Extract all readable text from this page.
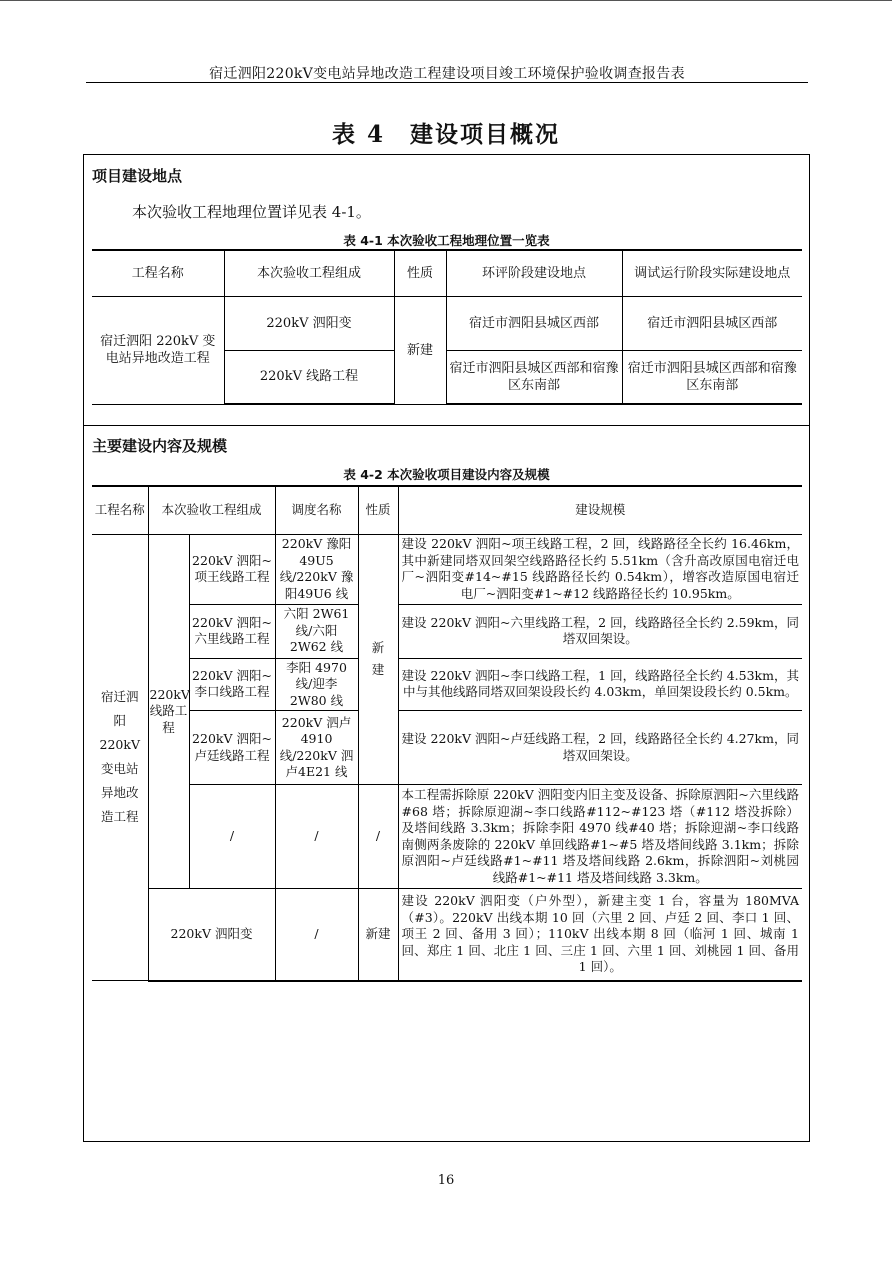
宿迁泗阳220kV变电站异地改造工程建设项目竣工环境保护验收调查报告表
表 4　建设项目概况
项目建设地点
本次验收工程地理位置详见表 4-1。
表 4-1 本次验收工程地理位置一览表
工程名称	本次验收工程组成	性质	环评阶段建设地点	调试运行阶段实际建设地点
宿迁泗阳 220kV 变电站异地改造工程	220kV 泗阳变	新建	宿迁市泗阳县城区西部	宿迁市泗阳县城区西部
	220kV 线路工程		宿迁市泗阳县城区西部和宿豫区东南部	宿迁市泗阳县城区西部和宿豫区东南部
主要建设内容及规模
表 4-2 本次验收项目建设内容及规模
工程名称	本次验收工程组成		调度名称	性质	建设规模
宿迁泗阳220kV变电站异地改造工程	220kV 线路工程	220kV 泗阳~项王线路工程	220kV 豫阳49U5 线/220kV 豫阳49U6 线	新建	建设 220kV 泗阳~项王线路工程，2 回，线路路径全长约 16.46km，其中新建同塔双回架空线路路径长约 5.51km（含升高改原国电宿迁电厂~泗阳变#14~#15 线路路径长约 0.54km），增容改造原国电宿迁电厂~泗阳变#1~#12 线路路径长约 10.95km。
		220kV 泗阳~六里线路工程	六阳 2W61 线/六阳 2W62 线		建设 220kV 泗阳~六里线路工程，2 回，线路路径全长约 2.59km，同塔双回架设。
		220kV 泗阳~李口线路工程	李阳 4970 线/迎李 2W80 线		建设 220kV 泗阳~李口线路工程，1 回，线路路径全长约 4.53km，其中与其他线路同塔双回架设段长约 4.03km，单回架设段长约 0.5km。
		220kV 泗阳~卢廷线路工程	220kV 泗卢4910 线/220kV 泗卢4E21 线		建设 220kV 泗阳~卢廷线路工程，2 回，线路路径全长约 4.27km，同塔双回架设。
		/	/	/	本工程需拆除原 220kV 泗阳变内旧主变及设备、拆除原泗阳~六里线路#68 塔；拆除原迎湖~李口线路#112~#123 塔（#112 塔没拆除）及塔间线路 3.3km；拆除李阳 4970 线#40 塔；拆除迎湖~李口线路南侧两条废除的 220kV 单回线路#1~#5 塔及塔间线路 3.1km；拆除原泗阳~卢廷线路#1~#11 塔及塔间线路 2.6km，拆除泗阳~刘桃园线路#1~#11 塔及塔间线路 3.3km。
	220kV 泗阳变		/	新建	建设 220kV 泗阳变（户外型），新建主变 1 台，容量为 180MVA（#3）。220kV 出线本期 10 回（六里 2 回、卢廷 2 回、李口 1 回、项王 2 回、备用 3 回）；110kV 出线本期 8 回（临河 1 回、城南 1 回、郑庄 1 回、北庄 1 回、三庄 1 回、六里 1 回、刘桃园 1 回、备用 1 回）。
16
